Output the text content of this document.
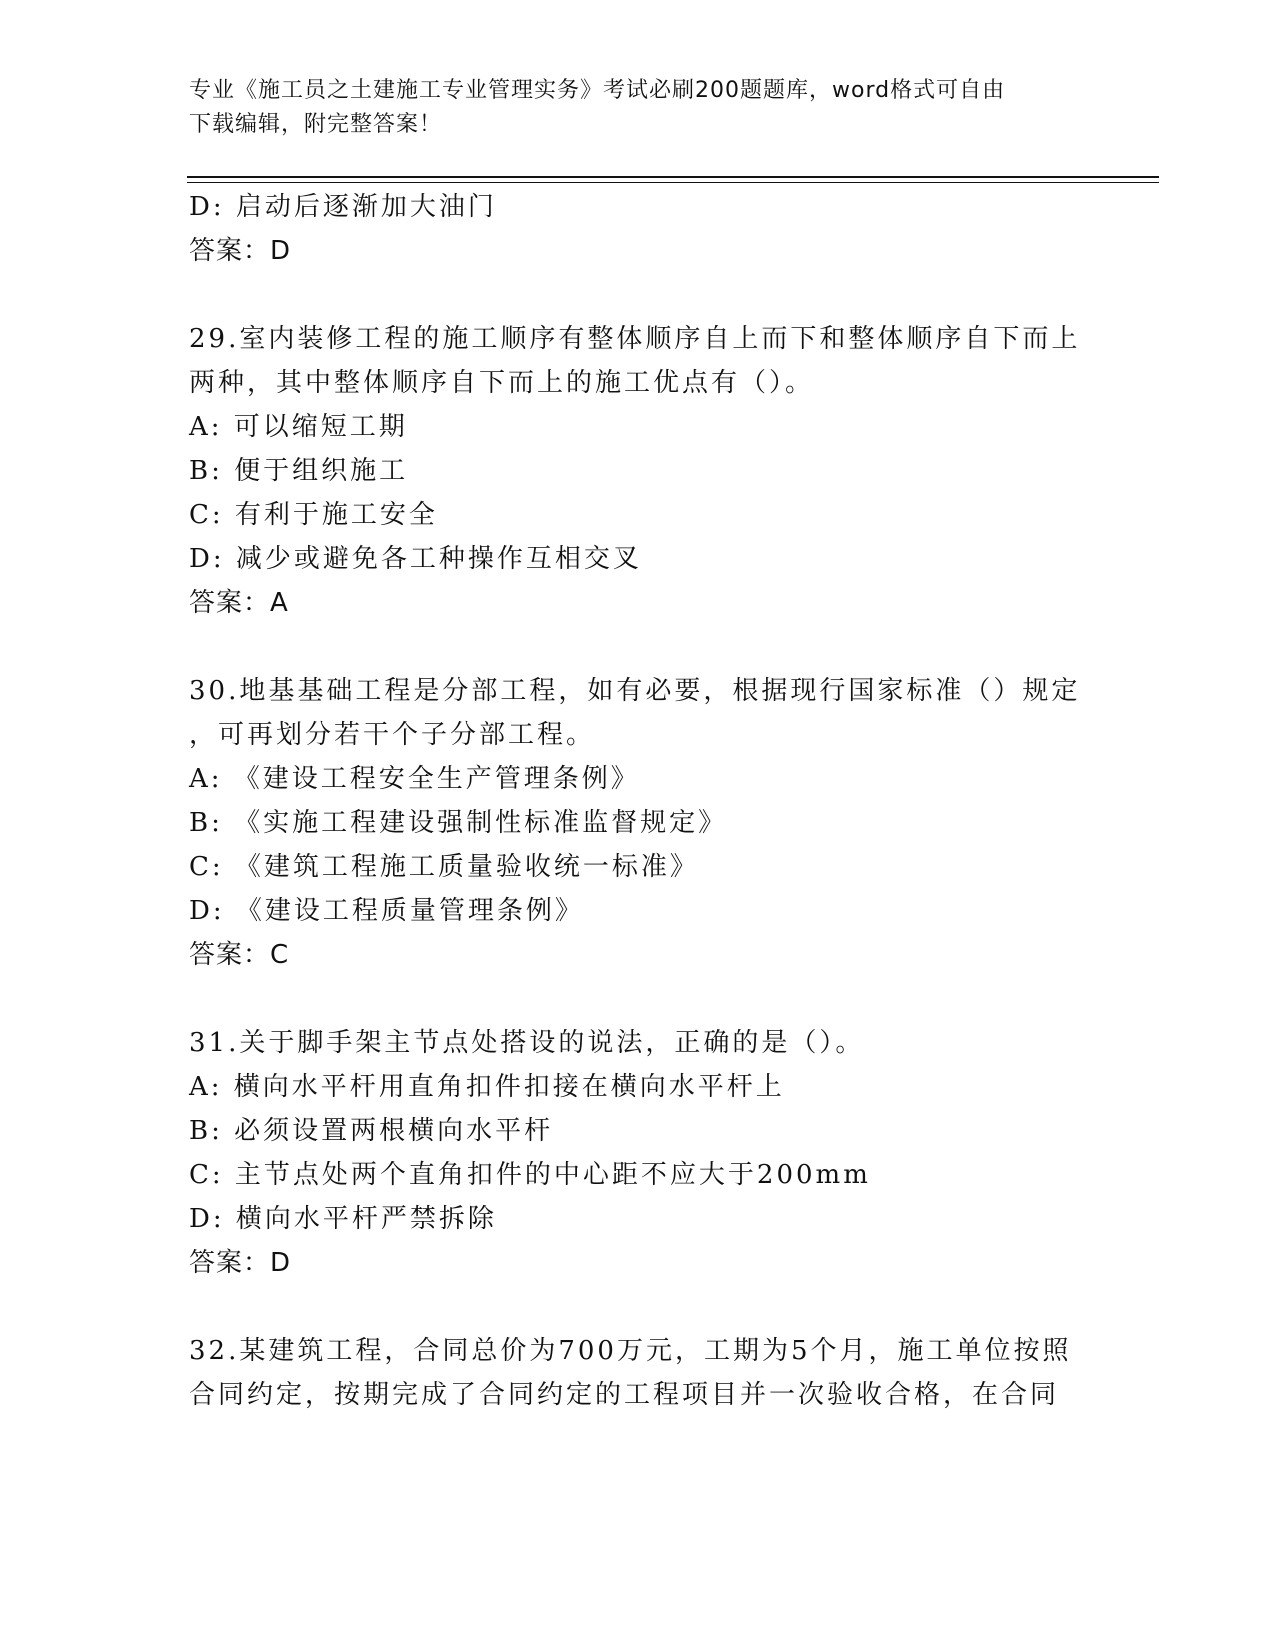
专业《施工员之土建施工专业管理实务》考试必刷200题题库，word格式可自由
下载编辑，附完整答案！
D: 启动后逐渐加大油门
答案：D
29.室内装修工程的施工顺序有整体顺序自上而下和整体顺序自下而上
两种，其中整体顺序自下而上的施工优点有（）。
A: 可以缩短工期
B: 便于组织施工
C: 有利于施工安全
D: 减少或避免各工种操作互相交叉
答案：A
30.地基基础工程是分部工程，如有必要，根据现行国家标准（）规定
，可再划分若干个子分部工程。
A: 《建设工程安全生产管理条例》
B: 《实施工程建设强制性标准监督规定》
C: 《建筑工程施工质量验收统一标准》
D: 《建设工程质量管理条例》
答案：C
31.关于脚手架主节点处搭设的说法，正确的是（）。
A: 横向水平杆用直角扣件扣接在横向水平杆上
B: 必须设置两根横向水平杆
C: 主节点处两个直角扣件的中心距不应大于200mm
D: 横向水平杆严禁拆除
答案：D
32.某建筑工程，合同总价为700万元，工期为5个月，施工单位按照
合同约定，按期完成了合同约定的工程项目并一次验收合格，在合同
